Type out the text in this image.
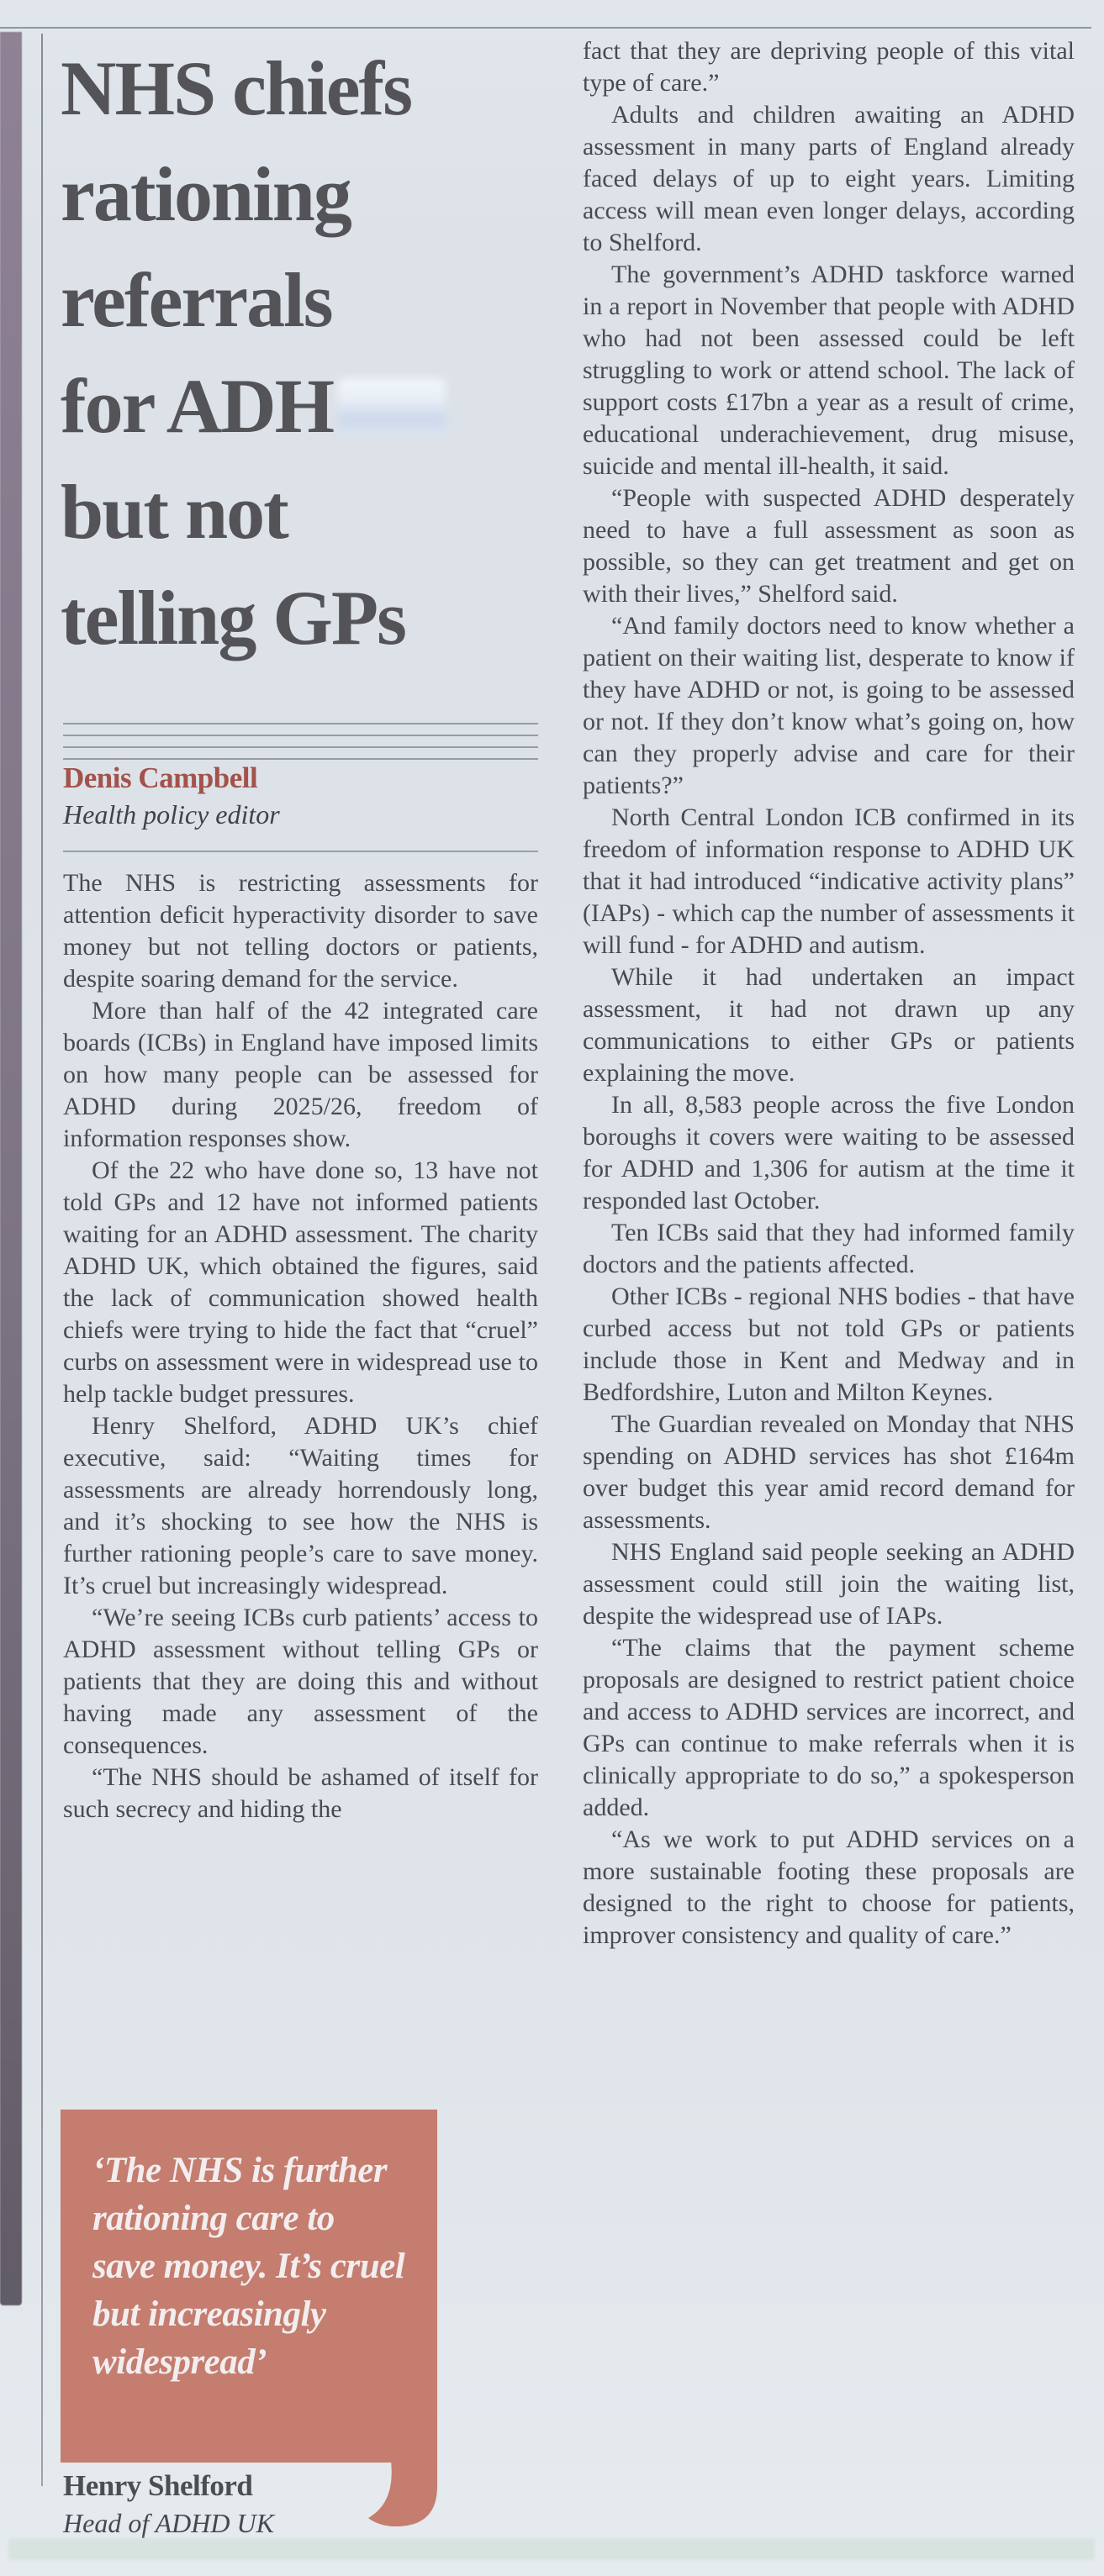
NHS chiefs
rationing
referrals
for ADH
but not
telling GPs
Denis Campbell
Health policy editor

The NHS is restricting assessments for attention deficit hyperactivity disorder to save money but not telling doctors or patients, despite soaring demand for the service.

More than half of the 42 integrated care boards (ICBs) in England have imposed limits on how many people can be assessed for ADHD during 2025/26, freedom of information responses show.

Of the 22 who have done so, 13 have not told GPs and 12 have not informed patients waiting for an ADHD assessment. The charity ADHD UK, which obtained the figures, said the lack of communication showed health chiefs were trying to hide the fact that “cruel” curbs on assessment were in widespread use to help tackle budget pressures.

Henry Shelford, ADHD UK’s chief executive, said: “Waiting times for assessments are already horrendously long, and it’s shocking to see how the NHS is further rationing people’s care to save money. It’s cruel but increasingly widespread.

“We’re seeing ICBs curb patients’ access to ADHD assessment without telling GPs or patients that they are doing this and without having made any assessment of the consequences.

“The NHS should be ashamed of itself for such secrecy and hiding the

‘The NHS is further
rationing care to
save money. It’s cruel
but increasingly
widespread’
Henry Shelford
Head of ADHD UK

fact that they are depriving people of this vital type of care.”

Adults and children awaiting an ADHD assessment in many parts of England already faced delays of up to eight years. Limiting access will mean even longer delays, according to Shelford.

The government’s ADHD taskforce warned in a report in November that people with ADHD who had not been assessed could be left struggling to work or attend school. The lack of support costs £17bn a year as a result of crime, educational underachievement, drug misuse, suicide and mental ill-health, it said.

“People with suspected ADHD desperately need to have a full assessment as soon as possible, so they can get treatment and get on with their lives,” Shelford said.

“And family doctors need to know whether a patient on their waiting list, desperate to know if they have ADHD or not, is going to be assessed or not. If they don’t know what’s going on, how can they properly advise and care for their patients?”

North Central London ICB confirmed in its freedom of information response to ADHD UK that it had introduced “indicative activity plans” (IAPs) - which cap the number of assessments it will fund - for ADHD and autism.

While it had undertaken an impact assessment, it had not drawn up any communications to either GPs or patients explaining the move.

In all, 8,583 people across the five London boroughs it covers were waiting to be assessed for ADHD and 1,306 for autism at the time it responded last October.

Ten ICBs said that they had informed family doctors and the patients affected.

Other ICBs - regional NHS bodies - that have curbed access but not told GPs or patients include those in Kent and Medway and in Bedfordshire, Luton and Milton Keynes.

The Guardian revealed on Monday that NHS spending on ADHD services has shot £164m over budget this year amid record demand for assessments.

NHS England said people seeking an ADHD assessment could still join the waiting list, despite the widespread use of IAPs.

“The claims that the payment scheme proposals are designed to restrict patient choice and access to ADHD services are incorrect, and GPs can continue to make referrals when it is clinically appropriate to do so,” a spokesperson added.

“As we work to put ADHD services on a more sustainable footing these proposals are designed to the right to choose for patients, improver consistency and quality of care.”
